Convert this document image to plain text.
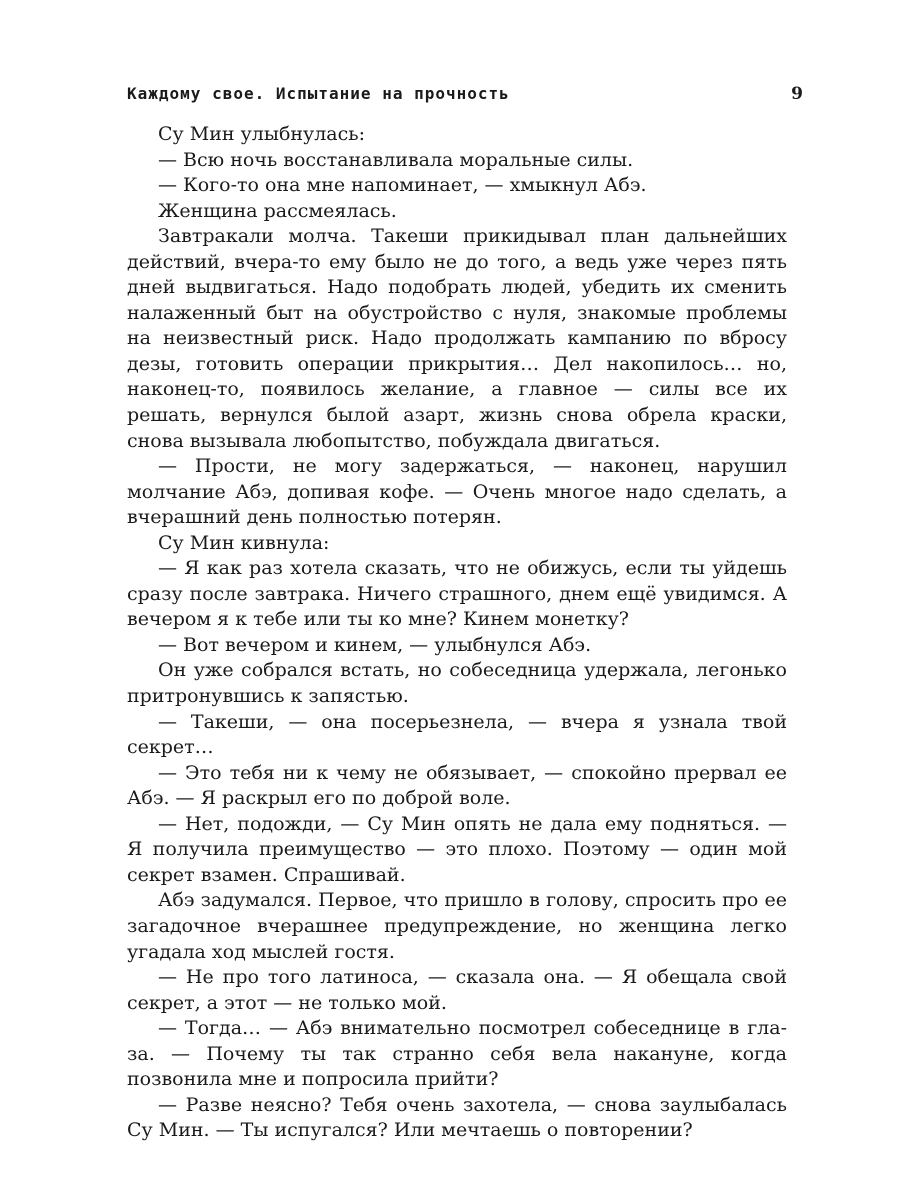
Каждому свое. Испытание на прочность	9

Су Мин улыбнулась:

— Всю ночь восстанавливала моральные силы.

— Кого-то она мне напоминает, — хмыкнул Абэ.

Женщина рассмеялась.

Завтракали молча. Такеши прикидывал план дальнейших действий, вчера-то ему было не до того, а ведь уже через пять дней выдвигаться. Надо подобрать людей, убедить их сменить налаженный быт на обустройство с нуля, знакомые проблемы на неизвестный риск. Надо продолжать кампанию по вбросу дезы, готовить операции прикрытия… Дел накопилось… но, наконец-то, появилось желание, а главное — силы все их решать, вернулся былой азарт, жизнь снова обрела краски, снова вызывала любопытство, побуждала двигаться.

— Прости, не могу задержаться, — наконец, нарушил молчание Абэ, допивая кофе. — Очень многое надо сделать, а вчерашний день полностью потерян.

Су Мин кивнула:

— Я как раз хотела сказать, что не обижусь, если ты уйдешь сразу после завтрака. Ничего страшного, днем ещё увидимся. А вечером я к тебе или ты ко мне? Кинем монетку?

— Вот вечером и кинем, — улыбнулся Абэ.

Он уже собрался встать, но собеседница удержала, легонько притронувшись к запястью.

— Такеши, — она посерьезнела, — вчера я узнала твой секрет…

— Это тебя ни к чему не обязывает, — спокойно прервал ее Абэ. — Я раскрыл его по доброй воле.

— Нет, подожди, — Су Мин опять не дала ему подняться. — Я получила преимущество — это плохо. Поэтому — один мой секрет взамен. Спрашивай.

Абэ задумался. Первое, что пришло в голову, спросить про ее загадочное вчерашнее предупреждение, но женщина легко угадала ход мыслей гостя.

— Не про того латиноса, — сказала она. — Я обещала свой секрет, а этот — не только мой.

— Тогда… — Абэ внимательно посмотрел собеседнице в глаза. — Почему ты так странно себя вела накануне, когда позвонила мне и попросила прийти?

— Разве неясно? Тебя очень захотела, — снова заулыбалась Су Мин. — Ты испугался? Или мечтаешь о повторении?
